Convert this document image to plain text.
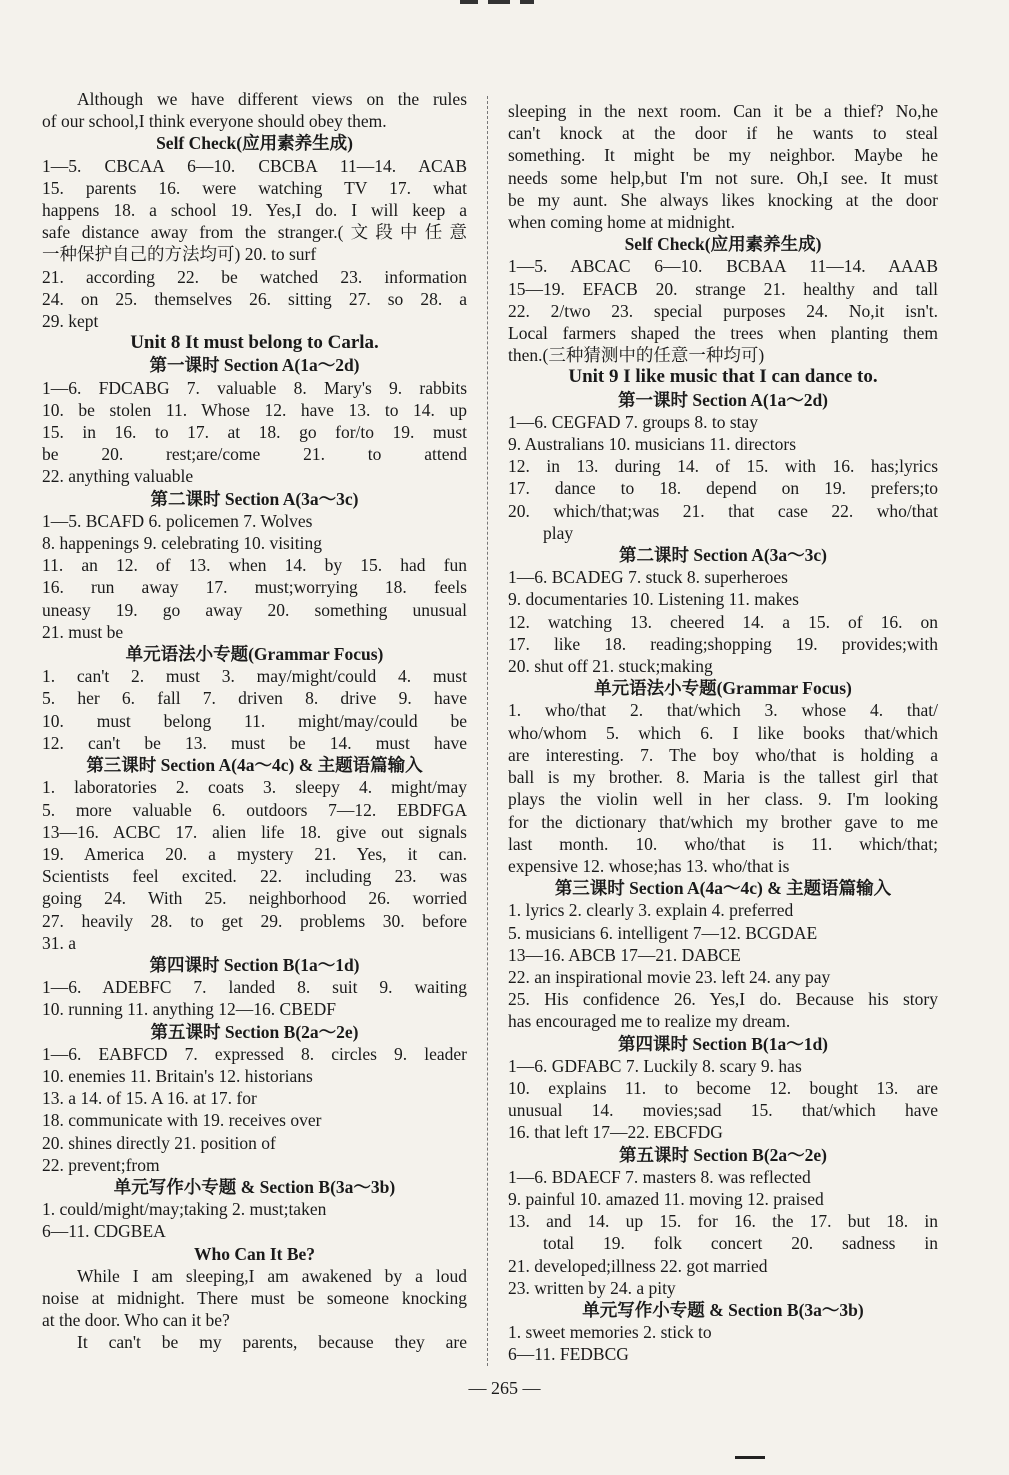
Although we have different views on the rules
of our school,I think everyone should obey them.
Self Check(应用素养生成)
1—5. CBCAA 6—10. CBCBA 11—14. ACAB
15. parents 16. were watching TV 17. what
happens 18. a school 19. Yes,I do. I will keep a
safe distance away from the stranger.(文段中任意
一种保护自己的方法均可) 20. to surf
21. according 22. be watched 23. information
24. on 25. themselves 26. sitting 27. so 28. a
29. kept
Unit 8 It must belong to Carla.
第一课时 Section A(1a～2d)
1—6. FDCABG 7. valuable 8. Mary's 9. rabbits
10. be stolen 11. Whose 12. have 13. to 14. up
15. in 16. to 17. at 18. go for/to 19. must
be 20. rest;are/come 21. to attend
22. anything valuable
第二课时 Section A(3a～3c)
1—5. BCAFD 6. policemen 7. Wolves
8. happenings 9. celebrating 10. visiting
11. an 12. of 13. when 14. by 15. had fun
16. run away 17. must;worrying 18. feels
uneasy 19. go away 20. something unusual
21. must be
单元语法小专题(Grammar Focus)
1. can't 2. must 3. may/might/could 4. must
5. her 6. fall 7. driven 8. drive 9. have
10. must belong 11. might/may/could be
12. can't be 13. must be 14. must have
第三课时 Section A(4a～4c) & 主题语篇输入
1. laboratories 2. coats 3. sleepy 4. might/may
5. more valuable 6. outdoors 7—12. EBDFGA
13—16. ACBC 17. alien life 18. give out signals
19. America 20. a mystery 21. Yes, it can.
Scientists feel excited. 22. including 23. was
going 24. With 25. neighborhood 26. worried
27. heavily 28. to get 29. problems 30. before
31. a
第四课时 Section B(1a～1d)
1—6. ADEBFC 7. landed 8. suit 9. waiting
10. running 11. anything 12—16. CBEDF
第五课时 Section B(2a～2e)
1—6. EABFCD 7. expressed 8. circles 9. leader
10. enemies 11. Britain's 12. historians
13. a 14. of 15. A 16. at 17. for
18. communicate with 19. receives over
20. shines directly 21. position of
22. prevent;from
单元写作小专题 & Section B(3a～3b)
1. could/might/may;taking 2. must;taken
6—11. CDGBEA
Who Can It Be?
While I am sleeping,I am awakened by a loud
noise at midnight. There must be someone knocking
at the door. Who can it be?
It can't be my parents, because they are
sleeping in the next room. Can it be a thief? No,he
can't knock at the door if he wants to steal
something. It might be my neighbor. Maybe he
needs some help,but I'm not sure. Oh,I see. It must
be my aunt. She always likes knocking at the door
when coming home at midnight.
Self Check(应用素养生成)
1—5. ABCAC 6—10. BCBAA 11—14. AAAB
15—19. EFACB 20. strange 21. healthy and tall
22. 2/two 23. special purposes 24. No,it isn't.
Local farmers shaped the trees when planting them
then.(三种猜测中的任意一种均可)
Unit 9 I like music that I can dance to.
第一课时 Section A(1a～2d)
1—6. CEGFAD 7. groups 8. to stay
9. Australians 10. musicians 11. directors
12. in 13. during 14. of 15. with 16. has;lyrics
17. dance to 18. depend on 19. prefers;to
20. which/that;was 21. that case 22. who/that
play
第二课时 Section A(3a～3c)
1—6. BCADEG 7. stuck 8. superheroes
9. documentaries 10. Listening 11. makes
12. watching 13. cheered 14. a 15. of 16. on
17. like 18. reading;shopping 19. provides;with
20. shut off 21. stuck;making
单元语法小专题(Grammar Focus)
1. who/that 2. that/which 3. whose 4. that/
who/whom 5. which 6. I like books that/which
are interesting. 7. The boy who/that is holding a
ball is my brother. 8. Maria is the tallest girl that
plays the violin well in her class. 9. I'm looking
for the dictionary that/which my brother gave to me
last month. 10. who/that is 11. which/that;
expensive 12. whose;has 13. who/that is
第三课时 Section A(4a～4c) & 主题语篇输入
1. lyrics 2. clearly 3. explain 4. preferred
5. musicians 6. intelligent 7—12. BCGDAE
13—16. ABCB 17—21. DABCE
22. an inspirational movie 23. left 24. any pay
25. His confidence 26. Yes,I do. Because his story
has encouraged me to realize my dream.
第四课时 Section B(1a～1d)
1—6. GDFABC 7. Luckily 8. scary 9. has
10. explains 11. to become 12. bought 13. are
unusual 14. movies;sad 15. that/which have
16. that left 17—22. EBCFDG
第五课时 Section B(2a～2e)
1—6. BDAECF 7. masters 8. was reflected
9. painful 10. amazed 11. moving 12. praised
13. and 14. up 15. for 16. the 17. but 18. in
total 19. folk concert 20. sadness in
21. developed;illness 22. got married
23. written by 24. a pity
单元写作小专题 & Section B(3a～3b)
1. sweet memories 2. stick to
6—11. FEDBCG
— 265 —
